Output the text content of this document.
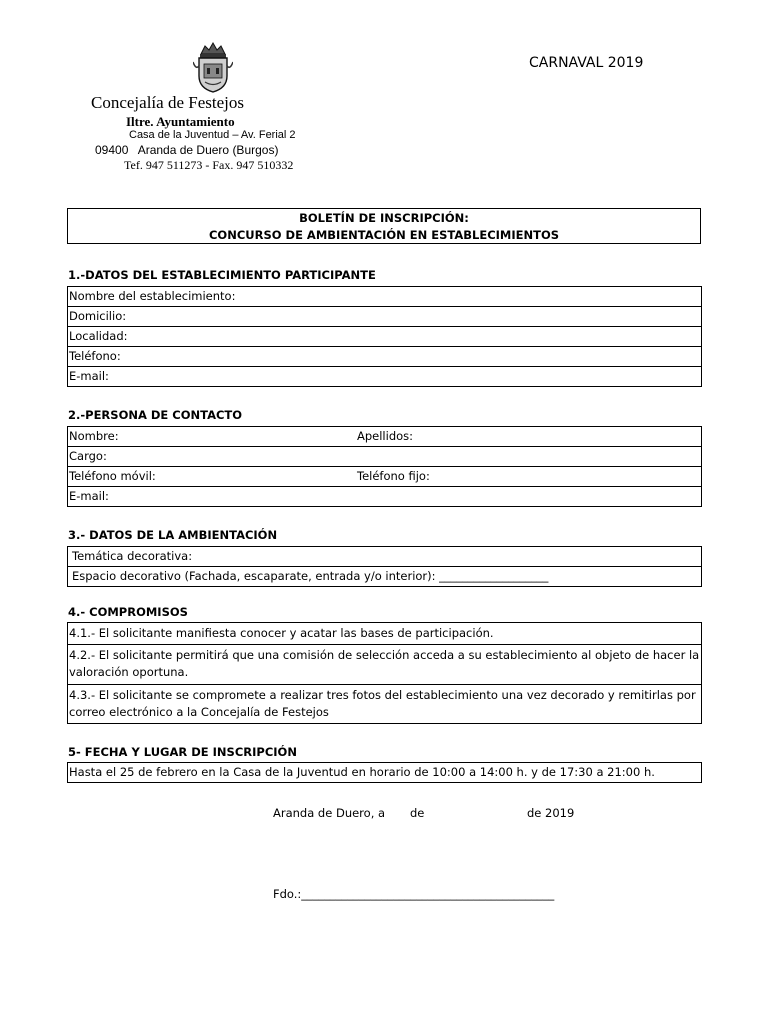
CARNAVAL 2019
Concejalía de Festejos
Iltre. Ayuntamiento
Casa de la Juventud – Av. Ferial 2
09400   Aranda de Duero (Burgos)
Tef. 947 511273 - Fax. 947 510332
BOLETÍN DE INSCRIPCIÓN:
CONCURSO DE AMBIENTACIÓN EN ESTABLECIMIENTOS
1.-DATOS DEL ESTABLECIMIENTO PARTICIPANTE
Nombre del establecimiento:
Domicilio:
Localidad:
Teléfono:
E-mail:
2.-PERSONA DE CONTACTO
Nombre:	Apellidos:
Cargo:
Teléfono móvil:	Teléfono fijo:
E-mail:
3.- DATOS DE LA AMBIENTACIÓN
Temática decorativa:
Espacio decorativo (Fachada, escaparate, entrada y/o interior): ___________________
4.- COMPROMISOS
4.1.- El solicitante manifiesta conocer y acatar las bases de participación.
4.2.- El solicitante permitirá que una comisión de selección acceda a su establecimiento al objeto de hacer la valoración oportuna.
4.3.- El solicitante se compromete a realizar tres fotos del establecimiento una vez decorado y remitirlas por correo electrónico a la Concejalía de Festejos
5- FECHA Y LUGAR DE INSCRIPCIÓN
Hasta el 25 de febrero en la Casa de la Juventud en horario de 10:00 a 14:00 h. y de 17:30 a 21:00 h.
Aranda de Duero, a de	de 2019
Fdo.:____________________________________________
